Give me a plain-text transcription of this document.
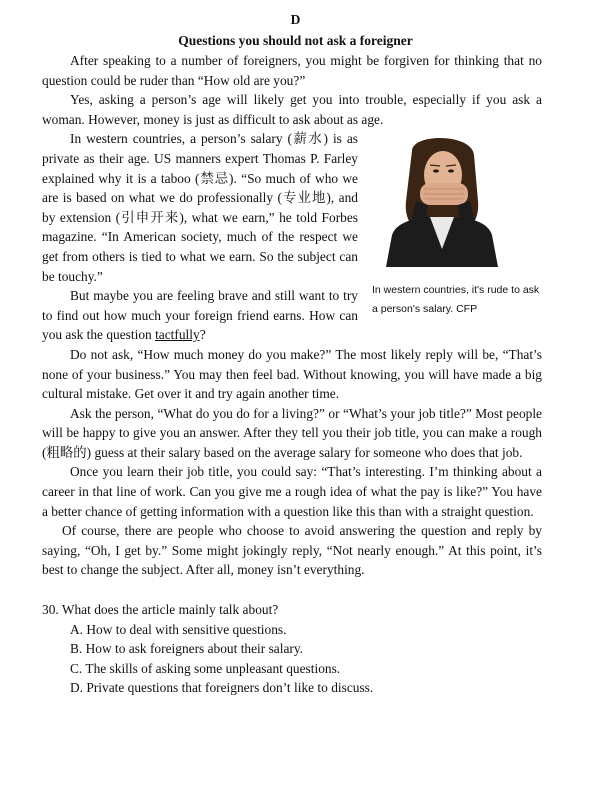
D
Questions you should not ask a foreigner

After speaking to a number of foreigners, you might be forgiven for thinking that no question could be ruder than “How old are you?”

Yes, asking a person’s age will likely get you into trouble, especially if you ask a woman. However, money is just as difficult to ask about as age.

In western countries, it's rude to ask a person's salary. CFP

In western countries, a person’s salary (薪水) is as private as their age. US manners expert Thomas P. Farley explained why it is a taboo (禁忌). “So much of who we are is based on what we do professionally (专业地), and by extension (引申开来), what we earn,” he told Forbes magazine. “In American society, much of the respect we get from others is tied to what we earn. So the subject can be touchy.”

But maybe you are feeling brave and still want to try to find out how much your foreign friend earns. How can you ask the question tactfully?

Do not ask, “How much money do you make?” The most likely reply will be, “That’s none of your business.” You may then feel bad. Without knowing, you will have made a big cultural mistake. Get over it and try again another time.

Ask the person, “What do you do for a living?” or “What’s your job title?” Most people will be happy to give you an answer. After they tell you their job title, you can make a rough (粗略的) guess at their salary based on the average salary for someone who does that job.

Once you learn their job title, you could say: “That’s interesting. I’m thinking about a career in that line of work. Can you give me a rough idea of what the pay is like?” You have a better chance of getting information with a question like this than with a straight question.

Of course, there are people who choose to avoid answering the question and reply by saying, “Oh, I get by.” Some might jokingly reply, “Not nearly enough.” At this point, it’s best to change the subject. After all, money isn’t everything.

30. What does the article mainly talk about?

A. How to deal with sensitive questions.

B. How to ask foreigners about their salary.

C. The skills of asking some unpleasant questions.

D. Private questions that foreigners don’t like to discuss.
